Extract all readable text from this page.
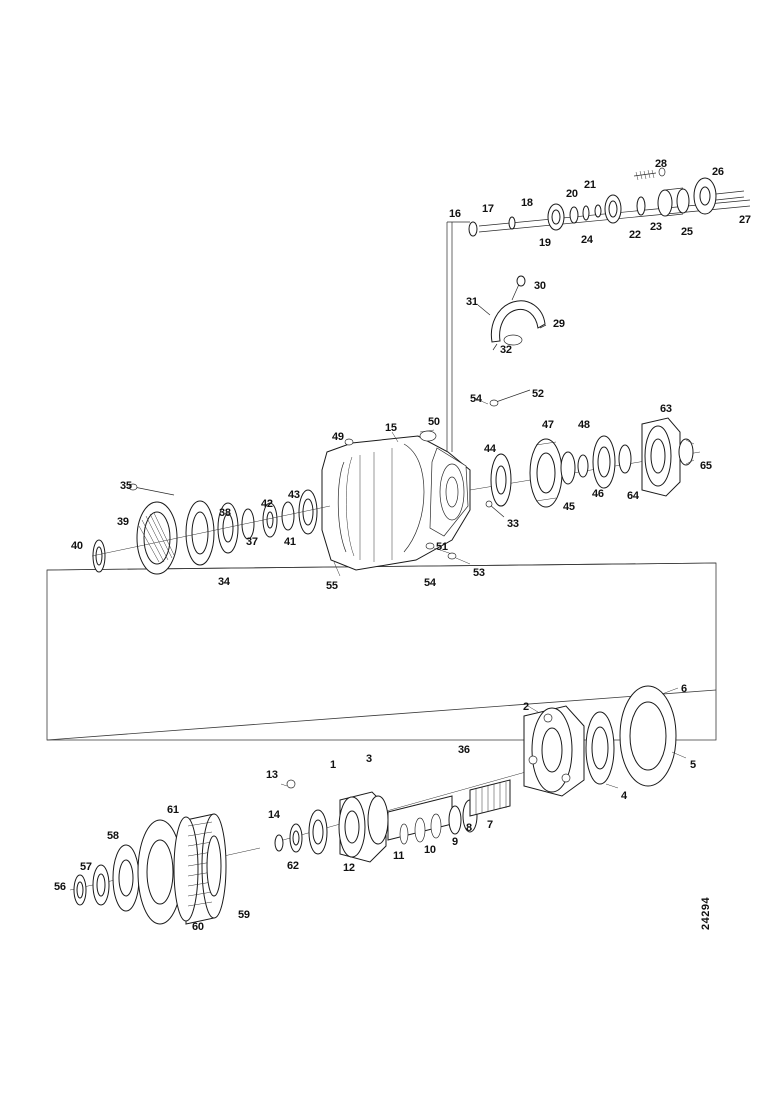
16 17 18
19
20
21
22
23
24
25
26
27
28
29
30
31
32
33
34
35
36
37
38
39
41
42
43
44
45
46
47 48
49
50
15
51
52
53
54
54
55
40
63
64
65
1
2
3
4
5
6
7
8
9
10
11
12
13
14
56
57
58
59
60
61
62
24294
